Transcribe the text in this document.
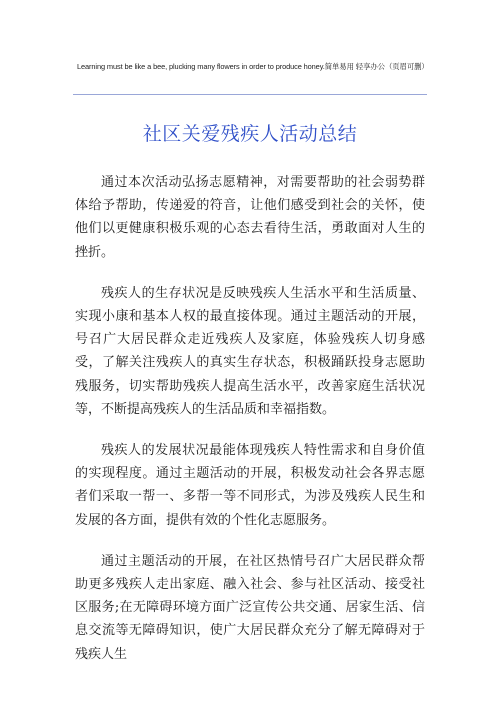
Learning must be like a bee, plucking many flowers in order to produce honey.简单易用 轻享办公（页眉可删）
社区关爱残疾人活动总结

通过本次活动弘扬志愿精神，对需要帮助的社会弱势群体给予帮助，传递爱的符音，让他们感受到社会的关怀，使他们以更健康积极乐观的心态去看待生活，勇敢面对人生的挫折。

残疾人的生存状况是反映残疾人生活水平和生活质量、实现小康和基本人权的最直接体现。通过主题活动的开展，号召广大居民群众走近残疾人及家庭，体验残疾人切身感受，了解关注残疾人的真实生存状态，积极踊跃投身志愿助残服务，切实帮助残疾人提高生活水平，改善家庭生活状况等，不断提高残疾人的生活品质和幸福指数。

残疾人的发展状况最能体现残疾人特性需求和自身价值的实现程度。通过主题活动的开展，积极发动社会各界志愿者们采取一帮一、多帮一等不同形式，为涉及残疾人民生和发展的各方面，提供有效的个性化志愿服务。

通过主题活动的开展，在社区热情号召广大居民群众帮助更多残疾人走出家庭、融入社会、参与社区活动、接受社区服务;在无障碍环境方面广泛宣传公共交通、居家生活、信息交流等无障碍知识，使广大居民群众充分了解无障碍对于残疾人生
